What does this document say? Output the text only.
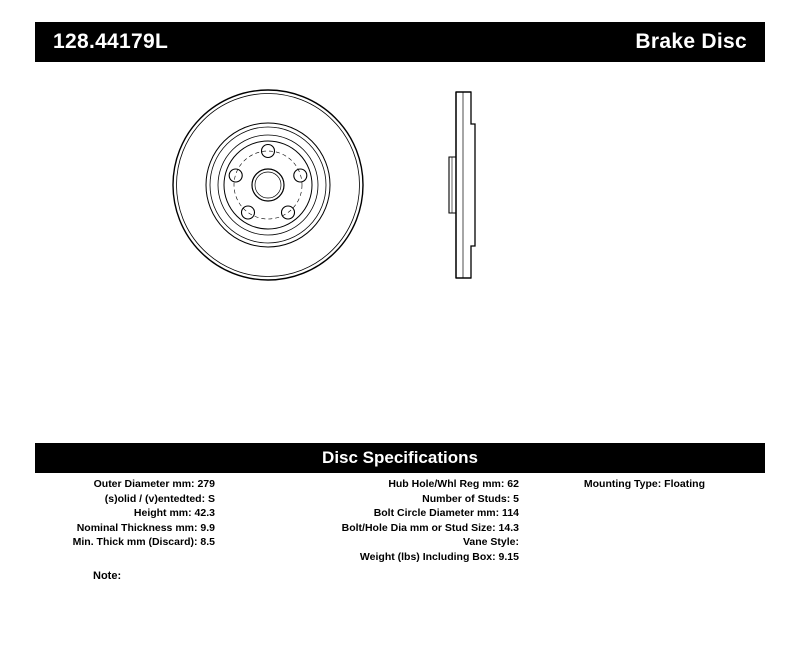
128.44179L	Brake Disc
Disc Specifications
Outer Diameter mm: 279
(s)olid / (v)entedted: S
Height mm: 42.3
Nominal Thickness mm: 9.9
Min. Thick mm (Discard): 8.5
Hub Hole/Whl Reg mm: 62
Number of Studs: 5
Bolt Circle Diameter mm: 114
Bolt/Hole Dia mm or Stud Size: 14.3
Vane Style:
Weight (lbs) Including Box: 9.15
Mounting Type: Floating
Note:
